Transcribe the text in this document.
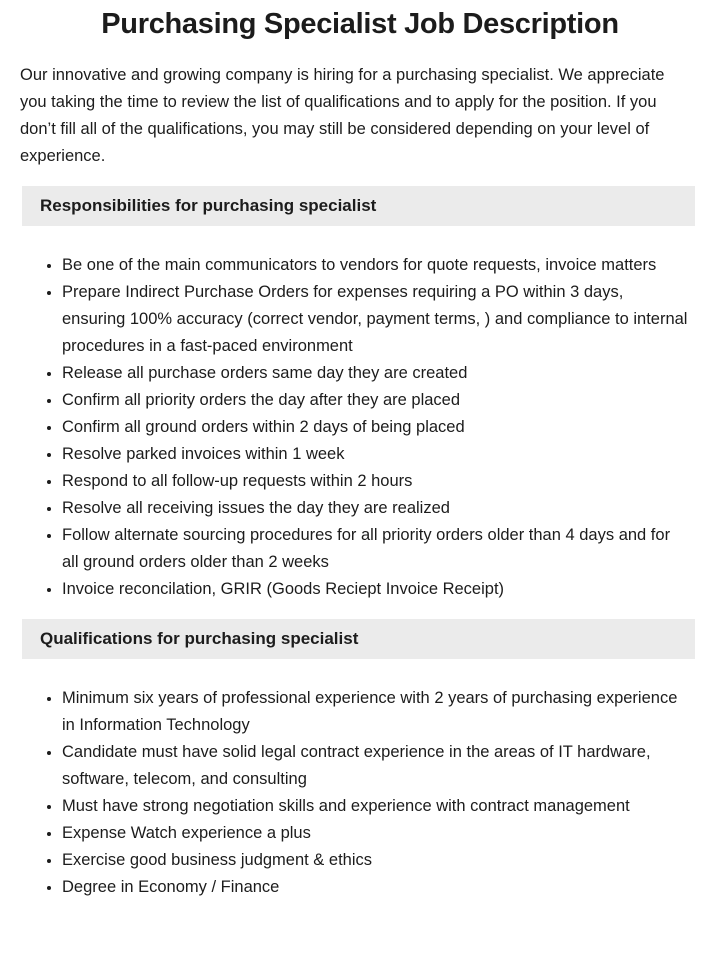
Purchasing Specialist Job Description

Our innovative and growing company is hiring for a purchasing specialist. We appreciate you taking the time to review the list of qualifications and to apply for the position. If you don’t fill all of the qualifications, you may still be considered depending on your level of experience.

Responsibilities for purchasing specialist
• Be one of the main communicators to vendors for quote requests, invoice matters
• Prepare Indirect Purchase Orders for expenses requiring a PO within 3 days, ensuring 100% accuracy (correct vendor, payment terms, ) and compliance to internal procedures in a fast-paced environment
• Release all purchase orders same day they are created
• Confirm all priority orders the day after they are placed
• Confirm all ground orders within 2 days of being placed
• Resolve parked invoices within 1 week
• Respond to all follow-up requests within 2 hours
• Resolve all receiving issues the day they are realized
• Follow alternate sourcing procedures for all priority orders older than 4 days and for all ground orders older than 2 weeks
• Invoice reconcilation, GRIR (Goods Reciept Invoice Receipt)
Qualifications for purchasing specialist
• Minimum six years of professional experience with 2 years of purchasing experience in Information Technology
• Candidate must have solid legal contract experience in the areas of IT hardware, software, telecom, and consulting
• Must have strong negotiation skills and experience with contract management
• Expense Watch experience a plus
• Exercise good business judgment & ethics
• Degree in Economy / Finance
